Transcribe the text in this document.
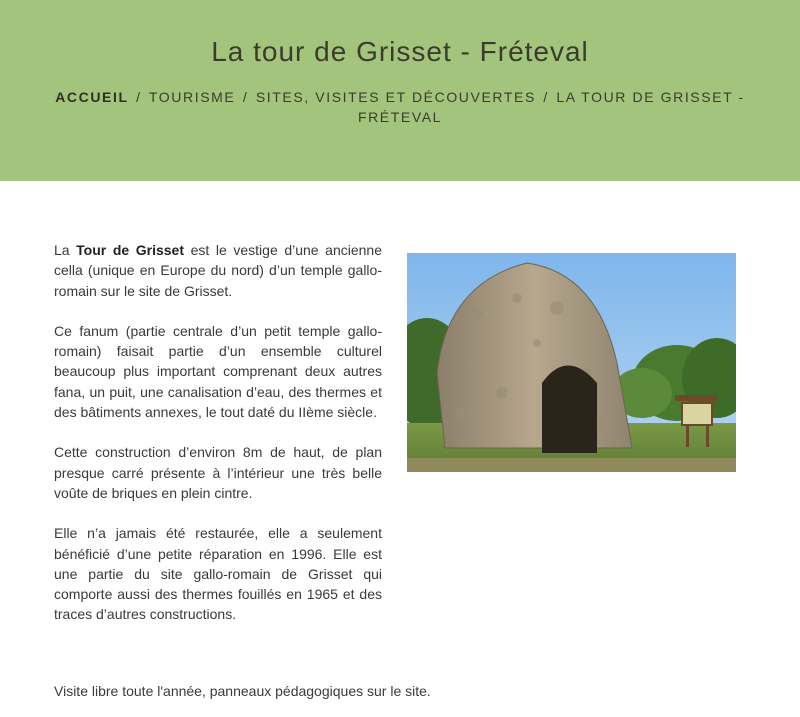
La tour de Grisset - Fréteval
ACCUEIL / TOURISME / SITES, VISITES ET DÉCOUVERTES / LA TOUR DE GRISSET - FRÉTEVAL

La Tour de Grisset est le vestige d’une ancienne cella (unique en Europe du nord) d’un temple gallo-romain sur le site de Grisset.

Ce fanum (partie centrale d’un petit temple gallo-romain) faisait partie d’un ensemble culturel beaucoup plus important comprenant deux autres fana, un puit, une canalisation d’eau, des thermes et des bâtiments annexes, le tout daté du IIème siècle.

Cette construction d’environ 8m de haut, de plan presque carré présente à l’intérieur une très belle voûte de briques en plein cintre.

Elle n’a jamais été restaurée, elle a seulement bénéficié d’une petite réparation en 1996. Elle est une partie du site gallo-romain de Grisset qui comporte aussi des thermes fouillés en 1965 et des traces d’autres constructions.

Visite libre toute l'année, panneaux pédagogiques sur le site.
